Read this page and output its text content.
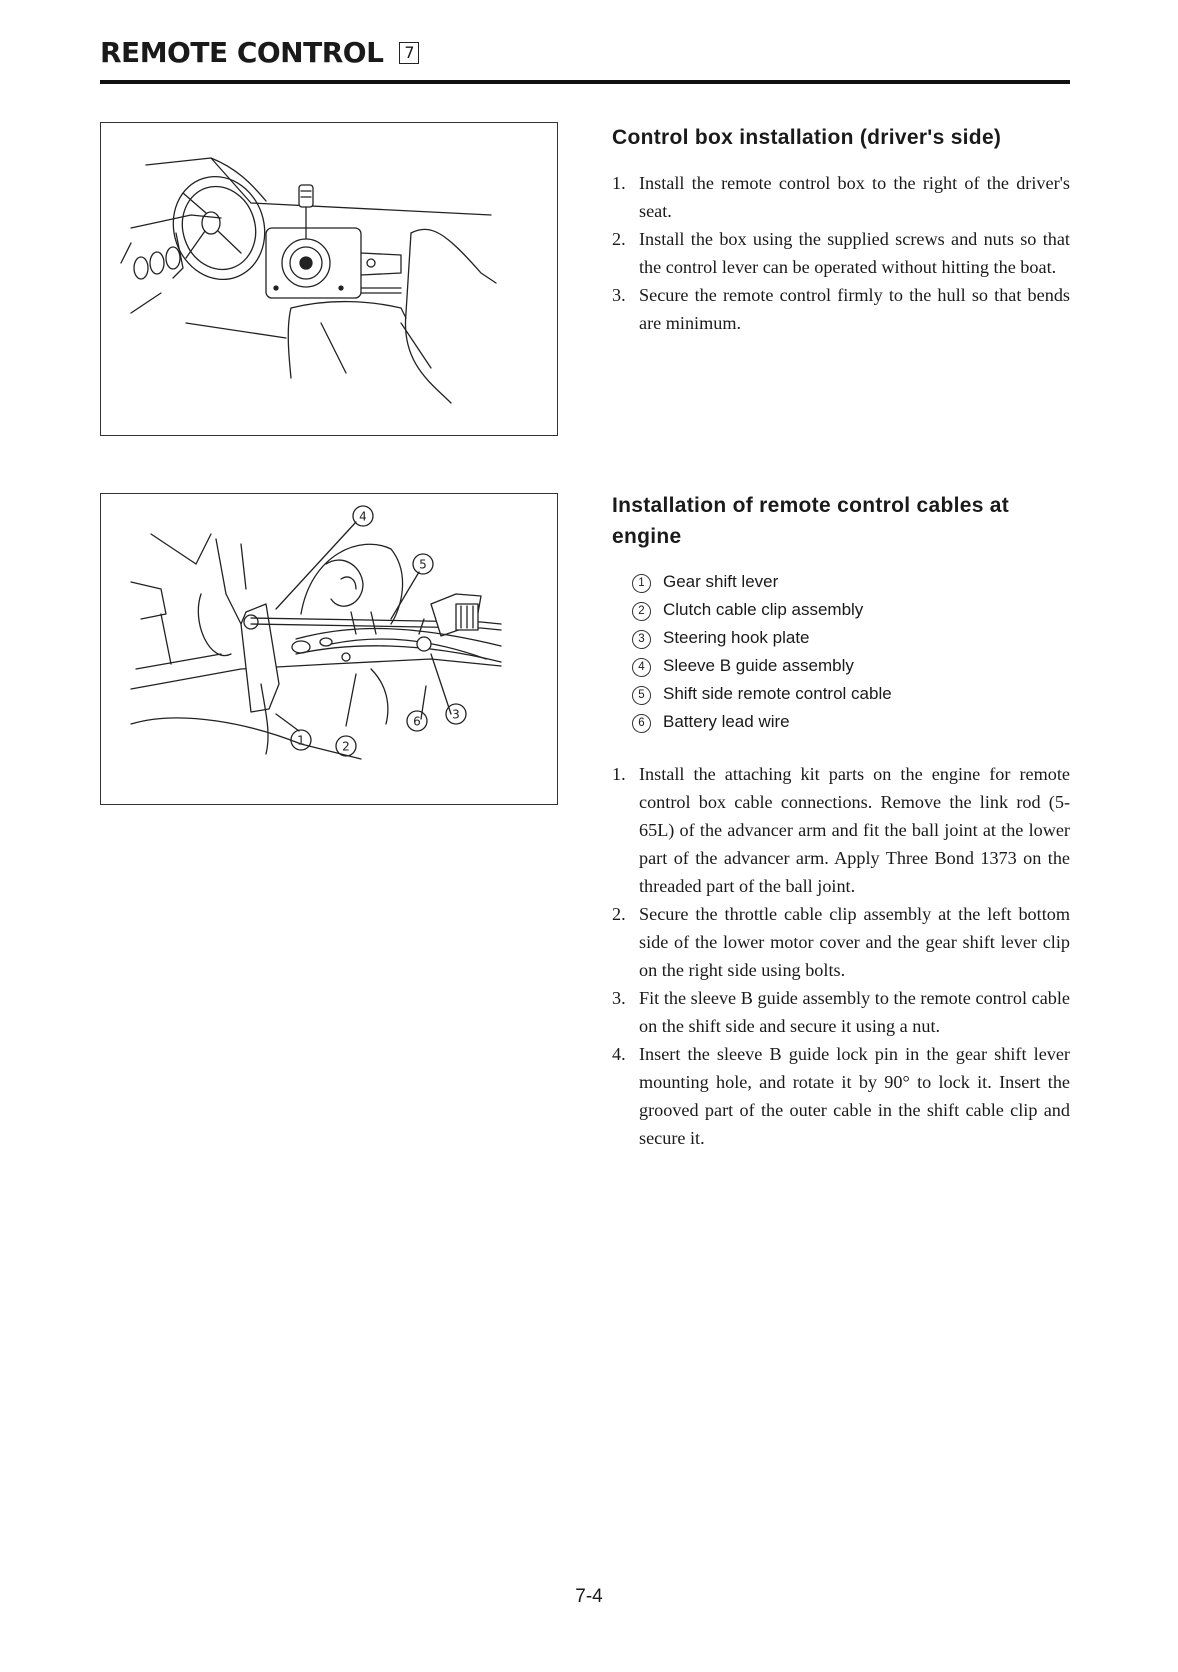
REMOTE CONTROL 7
Control box installation (driver's side)
1. Install the remote control box to the right of the driver's seat.
2. Install the box using the supplied screws and nuts so that the control lever can be operated without hitting the boat.
3. Secure the remote control firmly to the hull so that bends are minimum.
4
5
3
1	2
6
Installation of remote control cables at engine
1 Gear shift lever
2 Clutch cable clip assembly
3 Steering hook plate
4 Sleeve B guide assembly
5 Shift side remote control cable
6 Battery lead wire
1. Install the attaching kit parts on the engine for remote control box cable connections. Remove the link rod (5-65L) of the advancer arm and fit the ball joint at the lower part of the advancer arm. Apply Three Bond 1373 on the threaded part of the ball joint.
2. Secure the throttle cable clip assembly at the left bottom side of the lower motor cover and the gear shift lever clip on the right side using bolts.
3. Fit the sleeve B guide assembly to the remote control cable on the shift side and secure it using a nut.
4. Insert the sleeve B guide lock pin in the gear shift lever mounting hole, and rotate it by 90° to lock it. Insert the grooved part of the outer cable in the shift cable clip and secure it.
7-4
